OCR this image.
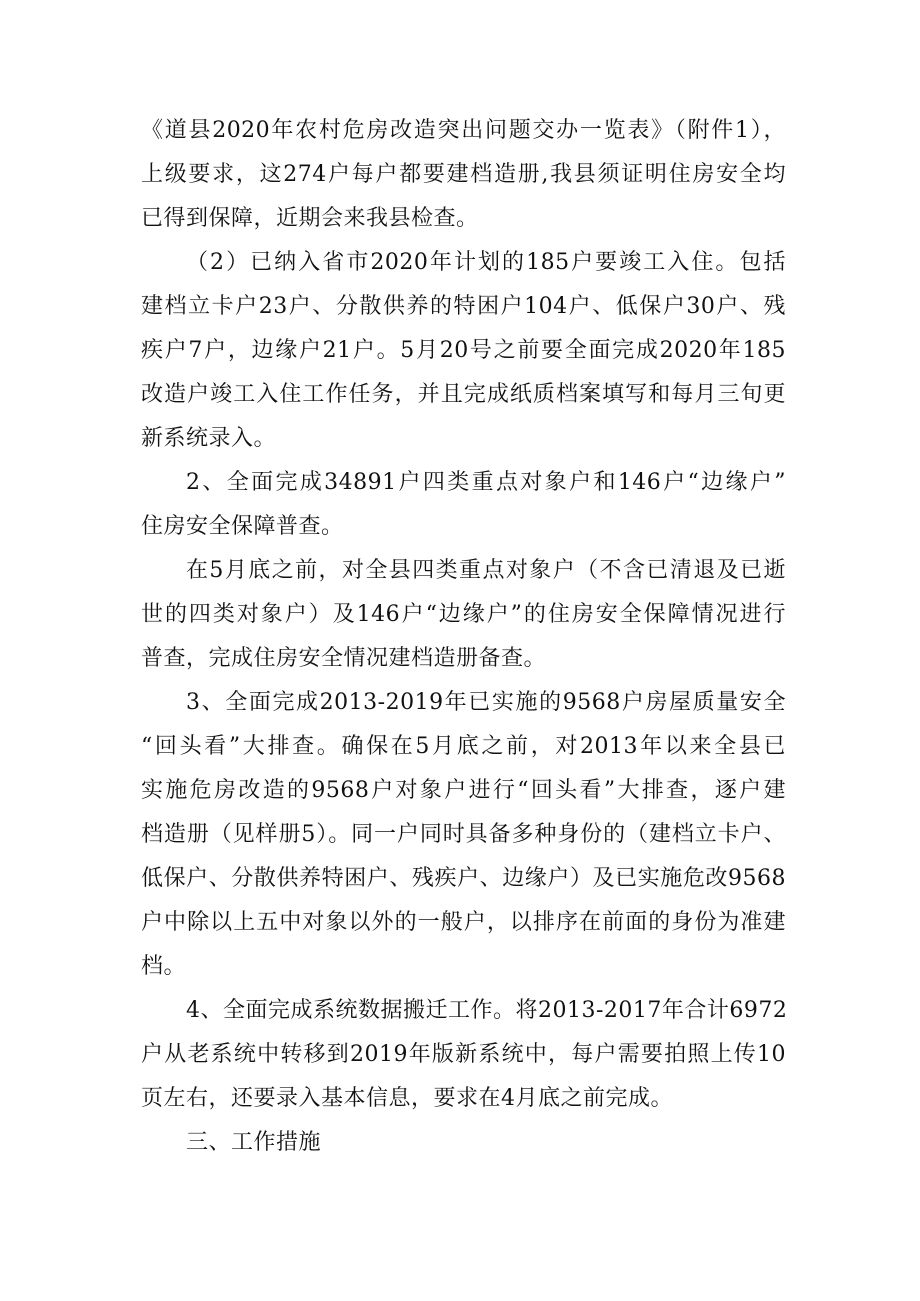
《道县2020年农村危房改造突出问题交办一览表》（附件1），
上级要求，这274户每户都要建档造册,我县须证明住房安全均
已得到保障，近期会来我县检查。
（2）已纳入省市2020年计划的185户要竣工入住。包括
建档立卡户23户、分散供养的特困户104户、低保户30户、残
疾户7户，边缘户21户。5月20号之前要全面完成2020年185
改造户竣工入住工作任务，并且完成纸质档案填写和每月三旬更
新系统录入。
2、全面完成34891户四类重点对象户和146户“边缘户”
住房安全保障普查。
在5月底之前，对全县四类重点对象户（不含已清退及已逝
世的四类对象户）及146户“边缘户”的住房安全保障情况进行
普查，完成住房安全情况建档造册备查。
3、全面完成2013-2019年已实施的9568户房屋质量安全
“回头看”大排查。确保在5月底之前，对2013年以来全县已
实施危房改造的9568户对象户进行“回头看”大排查，逐户建
档造册（见样册5）。同一户同时具备多种身份的（建档立卡户、
低保户、分散供养特困户、残疾户、边缘户）及已实施危改9568
户中除以上五中对象以外的一般户，以排序在前面的身份为准建
档。
4、全面完成系统数据搬迁工作。将2013-2017年合计6972
户从老系统中转移到2019年版新系统中，每户需要拍照上传10
页左右，还要录入基本信息，要求在4月底之前完成。
三、工作措施
